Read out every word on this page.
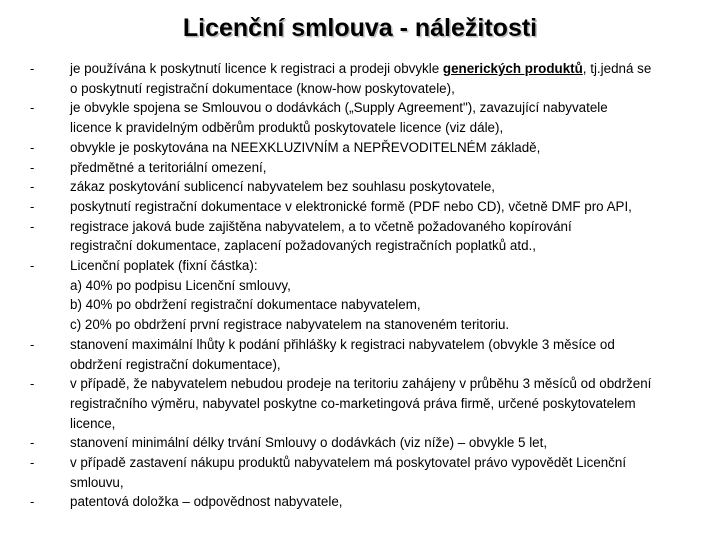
Licenční smlouva - náležitosti
-	je používána k poskytnutí licence k registraci a prodeji obvykle generických produktů, tj.jedná se
o poskytnutí registrační dokumentace (know-how poskytovatele),
-	je obvykle spojena se Smlouvou o dodávkách („Supply Agreement"), zavazující nabyvatele
licence k pravidelným odběrům produktů poskytovatele licence (viz dále),
-	obvykle je poskytována na NEEXKLUZIVNÍM a NEPŘEVODITELNÉM základě,
-	předmětné a teritoriální omezení,
-	zákaz poskytování sublicencí nabyvatelem bez souhlasu poskytovatele,
-	poskytnutí registrační dokumentace v elektronické formě (PDF nebo CD), včetně DMF pro API,
-	registrace jaková bude zajištěna nabyvatelem, a to včetně požadovaného kopírování
registrační dokumentace, zaplacení požadovaných registračních poplatků atd.,
-	Licenční poplatek (fixní částka):
a) 40% po podpisu Licenční smlouvy,
b) 40% po obdržení registrační dokumentace nabyvatelem,
c) 20% po obdržení první registrace nabyvatelem na stanoveném teritoriu.
-	stanovení maximální lhůty k podání přihlášky k registraci nabyvatelem (obvykle 3 měsíce od
obdržení registrační dokumentace),
-	v případě, že nabyvatelem nebudou prodeje na teritoriu zahájeny v průběhu 3 měsíců od obdržení
registračního výměru, nabyvatel poskytne co-marketingová práva firmě, určené poskytovatelem
licence,
-	stanovení minimální délky trvání Smlouvy o dodávkách (viz níže) – obvykle 5 let,
-	v případě zastavení nákupu produktů nabyvatelem má poskytovatel právo vypovědět Licenční
smlouvu,
-	patentová doložka – odpovědnost nabyvatele,
